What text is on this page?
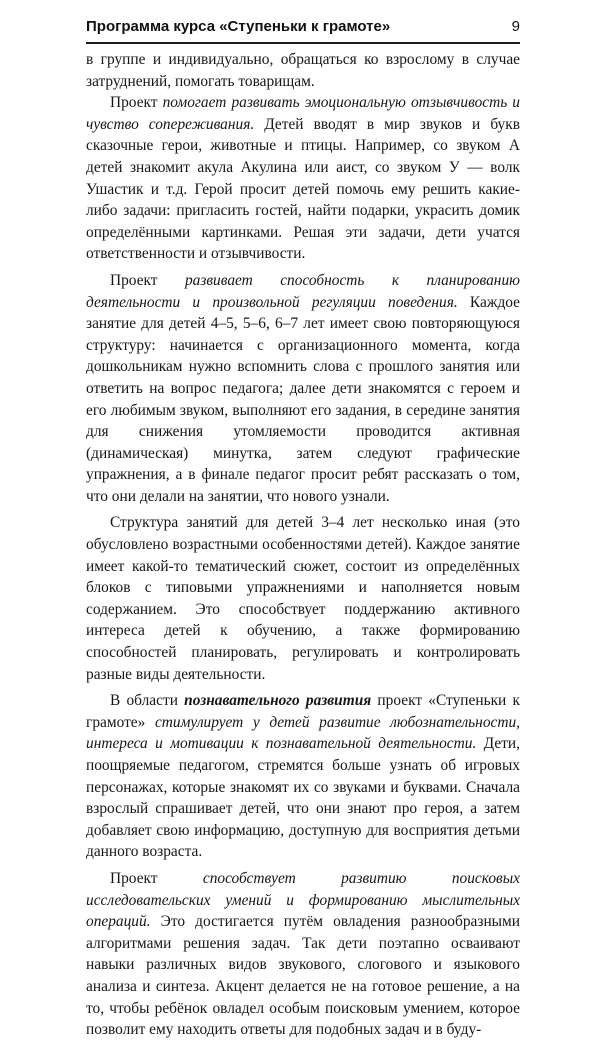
Программа курса «Ступеньки к грамоте»	9

в группе и индивидуально, обращаться ко взрослому в случае затруднений, помогать товарищам.

Проект помогает развивать эмоциональную отзывчивость и чувство сопереживания. Детей вводят в мир звуков и букв сказочные герои, животные и птицы. Например, со звуком А детей знакомит акула Акулина или аист, со звуком У — волк Ушастик и т.д. Герой просит детей помочь ему решить какие-либо задачи: пригласить гостей, найти подарки, украсить домик определёнными картинками. Решая эти задачи, дети учатся ответственности и отзывчивости.

Проект развивает способность к планированию деятельности и произвольной регуляции поведения. Каждое занятие для детей 4–5, 5–6, 6–7 лет имеет свою повторяющуюся структуру: начинается с организационного момента, когда дошкольникам нужно вспомнить слова с прошлого занятия или ответить на вопрос педагога; далее дети знакомятся с героем и его любимым звуком, выполняют его задания, в середине занятия для снижения утомляемости проводится активная (динамическая) минутка, затем следуют графические упражнения, а в финале педагог просит ребят рассказать о том, что они делали на занятии, что нового узнали.

Структура занятий для детей 3–4 лет несколько иная (это обусловлено возрастными особенностями детей). Каждое занятие имеет какой-то тематический сюжет, состоит из определённых блоков с типовыми упражнениями и наполняется новым содержанием. Это способствует поддержанию активного интереса детей к обучению, а также формированию способностей планировать, регулировать и контролировать разные виды деятельности.

В области познавательного развития проект «Ступеньки к грамоте» стимулирует у детей развитие любознательности, интереса и мотивации к познавательной деятельности. Дети, поощряемые педагогом, стремятся больше узнать об игровых персонажах, которые знакомят их со звуками и буквами. Сначала взрослый спрашивает детей, что они знают про героя, а затем добавляет свою информацию, доступную для восприятия детьми данного возраста.

Проект способствует развитию поисковых исследовательских умений и формированию мыслительных операций. Это достигается путём овладения разнообразными алгоритмами решения задач. Так дети поэтапно осваивают навыки различных видов звукового, слогового и языкового анализа и синтеза. Акцент делается не на готовое решение, а на то, чтобы ребёнок овладел особым поисковым умением, которое позволит ему находить ответы для подобных задач и в буду-
